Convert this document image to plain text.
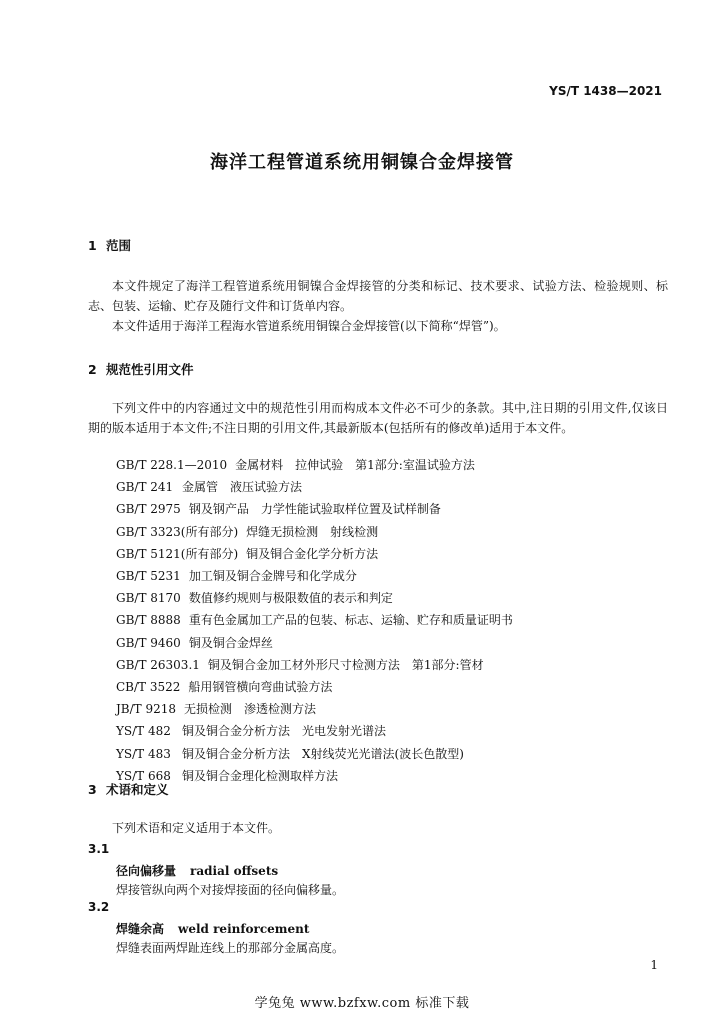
YS/T 1438—2021
海洋工程管道系统用铜镍合金焊接管
1 范围

本文件规定了海洋工程管道系统用铜镍合金焊接管的分类和标记、技术要求、试验方法、检验规则、标志、包装、运输、贮存及随行文件和订货单内容。

本文件适用于海洋工程海水管道系统用铜镍合金焊接管(以下简称“焊管”)。

2 规范性引用文件

下列文件中的内容通过文中的规范性引用而构成本文件必不可少的条款。其中,注日期的引用文件,仅该日期的版本适用于本文件;不注日期的引用文件,其最新版本(包括所有的修改单)适用于本文件。

GB/T 228.1—2010 金属材料　拉伸试验　第1部分:室温试验方法
GB/T 241 金属管　液压试验方法
GB/T 2975 钢及钢产品　力学性能试验取样位置及试样制备
GB/T 3323(所有部分) 焊缝无损检测　射线检测
GB/T 5121(所有部分) 铜及铜合金化学分析方法
GB/T 5231 加工铜及铜合金牌号和化学成分
GB/T 8170 数值修约规则与极限数值的表示和判定
GB/T 8888 重有色金属加工产品的包装、标志、运输、贮存和质量证明书
GB/T 9460 铜及铜合金焊丝
GB/T 26303.1 铜及铜合金加工材外形尺寸检测方法　第1部分:管材
CB/T 3522 船用钢管横向弯曲试验方法
JB/T 9218 无损检测　渗透检测方法
YS/T 482 铜及铜合金分析方法　光电发射光谱法
YS/T 483 铜及铜合金分析方法　X射线荧光光谱法(波长色散型)
YS/T 668 铜及铜合金理化检测取样方法
3 术语和定义

下列术语和定义适用于本文件。

3.1
径向偏移量 radial offsets
焊接管纵向两个对接焊接面的径向偏移量。
3.2
焊缝余高 weld reinforcement
焊缝表面两焊趾连线上的那部分金属高度。
1
学兔兔 www.bzfxw.com 标准下载
